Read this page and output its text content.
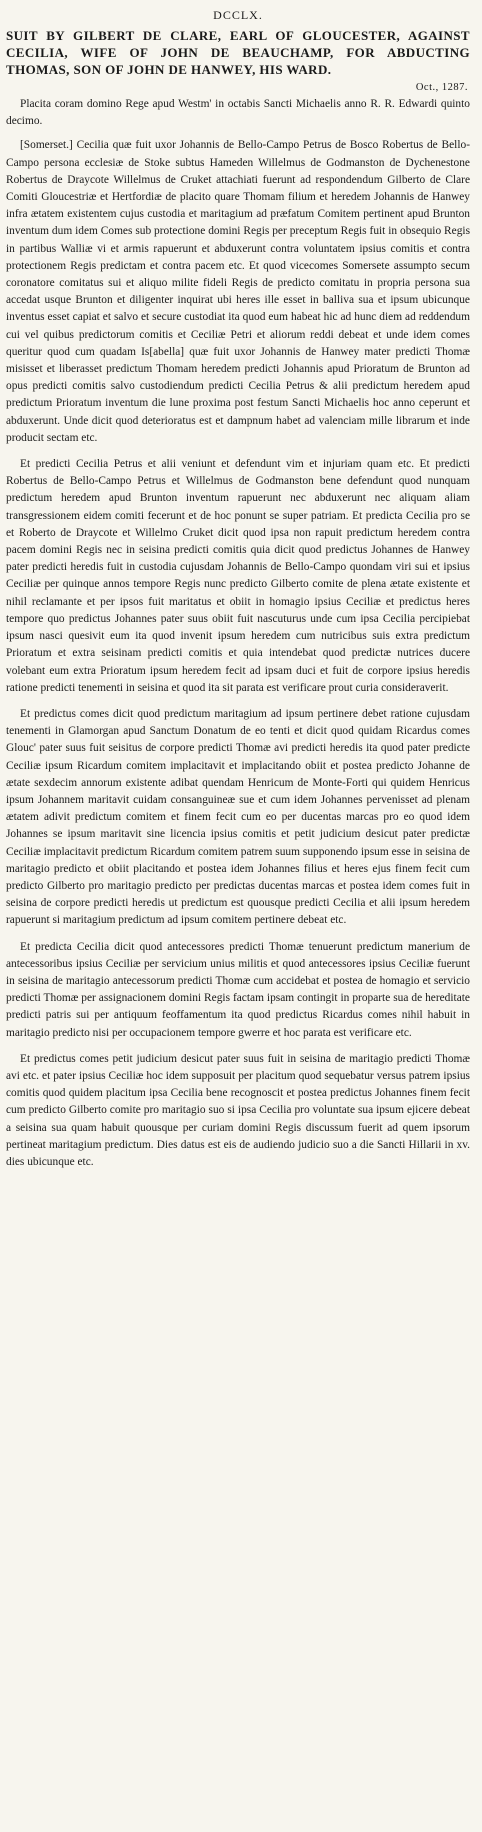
DCCLX.
SUIT BY GILBERT DE CLARE, EARL OF GLOUCESTER, AGAINST CECILIA, WIFE OF JOHN DE BEAUCHAMP, FOR ABDUCTING THOMAS, SON OF JOHN DE HANWEY, HIS WARD.
Oct., 1287.

Placita coram domino Rege apud Westm' in octabis Sancti Michaelis anno R. R. Edwardi quinto decimo.

[Somerset.] Cecilia quæ fuit uxor Johannis de Bello-Campo Petrus de Bosco Robertus de Bello-Campo persona ecclesiæ de Stoke subtus Hameden Willelmus de Godmanston de Dychenestone Robertus de Draycote Willelmus de Cruket attachiati fuerunt ad respondendum Gilberto de Clare Comiti Gloucestriæ et Hertfordiæ de placito quare Thomam filium et heredem Johannis de Hanwey infra ætatem existentem cujus custodia et maritagium ad præfatum Comitem pertinent apud Brunton inventum dum idem Comes sub protectione domini Regis per preceptum Regis fuit in obsequio Regis in partibus Walliæ vi et armis rapuerunt et abduxerunt contra voluntatem ipsius comitis et contra protectionem Regis predictam et contra pacem etc. Et quod vicecomes Somersete assumpto secum coronatore comitatus sui et aliquo milite fideli Regis de predicto comitatu in propria persona sua accedat usque Brunton et diligenter inquirat ubi heres ille esset in balliva sua et ipsum ubicunque inventus esset capiat et salvo et secure custodiat ita quod eum habeat hic ad hunc diem ad reddendum cui vel quibus predictorum comitis et Ceciliæ Petri et aliorum reddi debeat et unde idem comes queritur quod cum quadam Is[abella] quæ fuit uxor Johannis de Hanwey mater predicti Thomæ misisset et liberasset predictum Thomam heredem predicti Johannis apud Prioratum de Brunton ad opus predicti comitis salvo custodiendum predicti Cecilia Petrus & alii predictum heredem apud predictum Prioratum inventum die lune proxima post festum Sancti Michaelis hoc anno ceperunt et abduxerunt. Unde dicit quod deterioratus est et dampnum habet ad valenciam mille librarum et inde producit sectam etc.

Et predicti Cecilia Petrus et alii veniunt et defendunt vim et injuriam quam etc. Et predicti Robertus de Bello-Campo Petrus et Willelmus de Godmanston bene defendunt quod nunquam predictum heredem apud Brunton inventum rapuerunt nec abduxerunt nec aliquam aliam transgressionem eidem comiti fecerunt et de hoc ponunt se super patriam. Et predicta Cecilia pro se et Roberto de Draycote et Willelmo Cruket dicit quod ipsa non rapuit predictum heredem contra pacem domini Regis nec in seisina predicti comitis quia dicit quod predictus Johannes de Hanwey pater predicti heredis fuit in custodia cujusdam Johannis de Bello-Campo quondam viri sui et ipsius Ceciliæ per quinque annos tempore Regis nunc predicto Gilberto comite de plena ætate existente et nihil reclamante et per ipsos fuit maritatus et obiit in homagio ipsius Ceciliæ et predictus heres tempore quo predictus Johannes pater suus obiit fuit nascuturus unde cum ipsa Cecilia percipiebat ipsum nasci quesivit eum ita quod invenit ipsum heredem cum nutricibus suis extra predictum Prioratum et extra seisinam predicti comitis et quia intendebat quod predictæ nutrices ducere volebant eum extra Prioratum ipsum heredem fecit ad ipsam duci et fuit de corpore ipsius heredis ratione predicti tenementi in seisina et quod ita sit parata est verificare prout curia consideraverit.

Et predictus comes dicit quod predictum maritagium ad ipsum pertinere debet ratione cujusdam tenementi in Glamorgan apud Sanctum Donatum de eo tenti et dicit quod quidam Ricardus comes Glouc' pater suus fuit seisitus de corpore predicti Thomæ avi predicti heredis ita quod pater predicte Ceciliæ ipsum Ricardum comitem implacitavit et implacitando obiit et postea predicto Johanne de ætate sexdecim annorum existente adibat quendam Henricum de Monte-Forti qui quidem Henricus ipsum Johannem maritavit cuidam consanguineæ sue et cum idem Johannes pervenisset ad plenam ætatem adivit predictum comitem et finem fecit cum eo per ducentas marcas pro eo quod idem Johannes se ipsum maritavit sine licencia ipsius comitis et petit judicium desicut pater predictæ Ceciliæ implacitavit predictum Ricardum comitem patrem suum supponendo ipsum esse in seisina de maritagio predicto et obiit placitando et postea idem Johannes filius et heres ejus finem fecit cum predicto Gilberto pro maritagio predicto per predictas ducentas marcas et postea idem comes fuit in seisina de corpore predicti heredis ut predictum est quousque predicti Cecilia et alii ipsum heredem rapuerunt si maritagium predictum ad ipsum comitem pertinere debeat etc.

Et predicta Cecilia dicit quod antecessores predicti Thomæ tenuerunt predictum manerium de antecessoribus ipsius Ceciliæ per servicium unius militis et quod antecessores ipsius Ceciliæ fuerunt in seisina de maritagio antecessorum predicti Thomæ cum accidebat et postea de homagio et servicio predicti Thomæ per assignacionem domini Regis factam ipsam contingit in proparte sua de hereditate predicti patris sui per antiquum feoffamentum ita quod predictus Ricardus comes nihil habuit in maritagio predicto nisi per occupacionem tempore gwerre et hoc parata est verificare etc.

Et predictus comes petit judicium desicut pater suus fuit in seisina de maritagio predicti Thomæ avi etc. et pater ipsius Ceciliæ hoc idem supposuit per placitum quod sequebatur versus patrem ipsius comitis quod quidem placitum ipsa Cecilia bene recognoscit et postea predictus Johannes finem fecit cum predicto Gilberto comite pro maritagio suo si ipsa Cecilia pro voluntate sua ipsum ejicere debeat a seisina sua quam habuit quousque per curiam domini Regis discussum fuerit ad quem ipsorum pertineat maritagium predictum. Dies datus est eis de audiendo judicio suo a die Sancti Hillarii in xv. dies ubicunque etc.
